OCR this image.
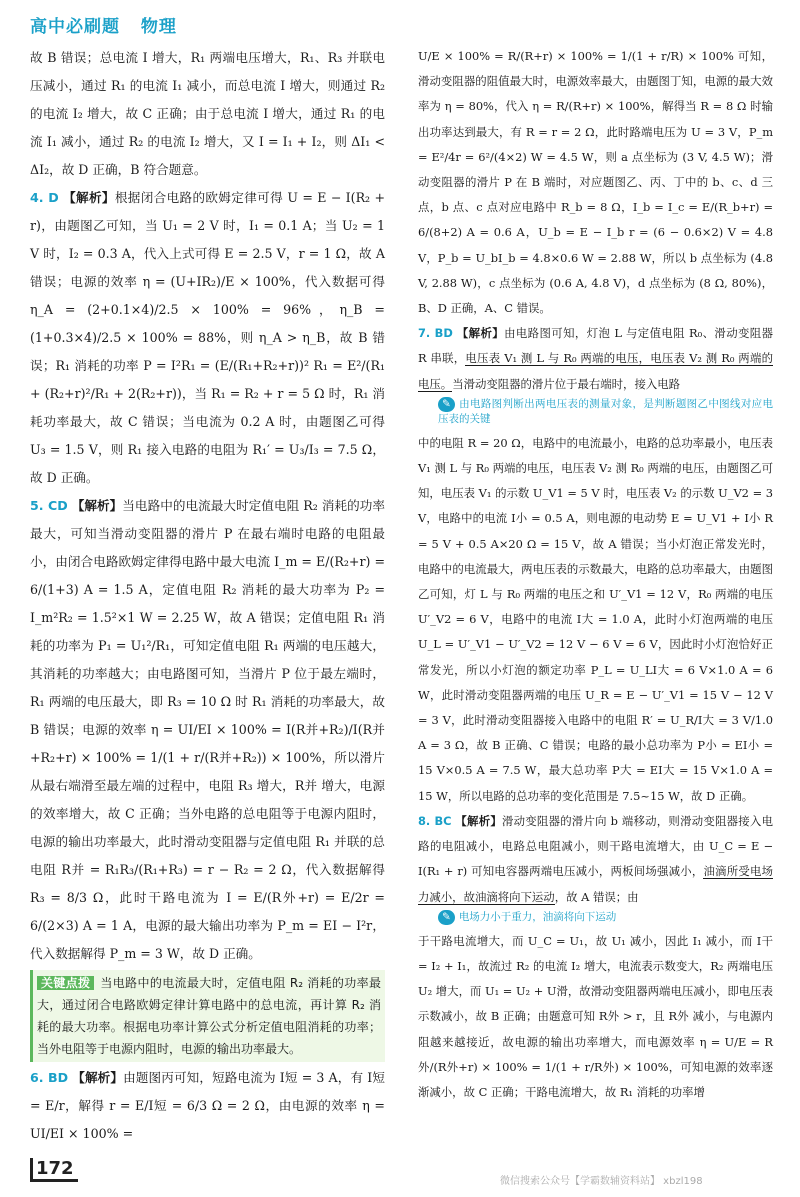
高中必刷题 物理

故 B 错误；总电流 I 增大，R₁ 两端电压增大，R₁、R₃ 并联电压减小，通过 R₁ 的电流 I₁ 减小，而总电流 I 增大，则通过 R₂ 的电流 I₂ 增大，故 C 正确；由于总电流 I 增大，通过 R₁ 的电流 I₁ 减小，通过 R₂ 的电流 I₂ 增大，又 I = I₁ + I₂，则 ΔI₁ < ΔI₂，故 D 正确，B 符合题意。

4. D 【解析】根据闭合电路的欧姆定律可得 U = E − I(R₂ + r)，由题图乙可知，当 U₁ = 2 V 时，I₁ = 0.1 A；当 U₂ = 1 V 时，I₂ = 0.3 A，代入上式可得 E = 2.5 V，r = 1 Ω，故 A 错误；电源的效率 η = (U+IR₂)/E × 100%，代入数据可得 η_A = (2+0.1×4)/2.5 × 100% = 96%，η_B = (1+0.3×4)/2.5 × 100% = 88%，则 η_A > η_B，故 B 错误；R₁ 消耗的功率 P = I²R₁ = (E/(R₁+R₂+r))² R₁ = E²/(R₁ + (R₂+r)²/R₁ + 2(R₂+r))，当 R₁ = R₂ + r = 5 Ω 时，R₁ 消耗功率最大，故 C 错误；当电流为 0.2 A 时，由题图乙可得 U₃ = 1.5 V，则 R₁ 接入电路的电阻为 R₁′ = U₃/I₃ = 7.5 Ω，故 D 正确。

5. CD 【解析】当电路中的电流最大时定值电阻 R₂ 消耗的功率最大，可知当滑动变阻器的滑片 P 在最右端时电路的电阻最小，由闭合电路欧姆定律得电路中最大电流 I_m = E/(R₂+r) = 6/(1+3) A = 1.5 A，定值电阻 R₂ 消耗的最大功率为 P₂ = I_m²R₂ = 1.5²×1 W = 2.25 W，故 A 错误；定值电阻 R₁ 消耗的功率为 P₁ = U₁²/R₁，可知定值电阻 R₁ 两端的电压越大，其消耗的功率越大；由电路图可知，当滑片 P 位于最左端时，R₁ 两端的电压最大，即 R₃ = 10 Ω 时 R₁ 消耗的功率最大，故 B 错误；电源的效率 η = UI/EI × 100% = I(R并+R₂)/I(R并+R₂+r) × 100% = 1/(1 + r/(R并+R₂)) × 100%，所以滑片从最右端滑至最左端的过程中，电阻 R₃ 增大，R并 增大，电源的效率增大，故 C 正确；当外电路的总电阻等于电源内阻时，电源的输出功率最大，此时滑动变阻器与定值电阻 R₁ 并联的总电阻 R并 = R₁R₃/(R₁+R₃) = r − R₂ = 2 Ω，代入数据解得 R₃ = 8/3 Ω，此时干路电流为 I = E/(R外+r) = E/2r = 6/(2×3) A = 1 A，电源的最大输出功率为 P_m = EI − I²r，代入数据解得 P_m = 3 W，故 D 正确。

关键点拨 当电路中的电流最大时，定值电阻 R₂ 消耗的功率最大，通过闭合电路欧姆定律计算电路中的总电流，再计算 R₂ 消耗的最大功率。根据电功率计算公式分析定值电阻消耗的功率；当外电阻等于电源内阻时，电源的输出功率最大。

6. BD 【解析】由题图丙可知，短路电流为 I短 = 3 A，有 I短 = E/r，解得 r = E/I短 = 6/3 Ω = 2 Ω，由电源的效率 η = UI/EI × 100% =

U/E × 100% = R/(R+r) × 100% = 1/(1 + r/R) × 100% 可知，滑动变阻器的阻值最大时，电源效率最大，由题图丁知，电源的最大效率为 η = 80%，代入 η = R/(R+r) × 100%，解得当 R = 8 Ω 时输出功率达到最大，有 R = r = 2 Ω，此时路端电压为 U = 3 V，P_m = E²/4r = 6²/(4×2) W = 4.5 W，则 a 点坐标为 (3 V, 4.5 W)；滑动变阻器的滑片 P 在 B 端时，对应题图乙、丙、丁中的 b、c、d 三点，b 点、c 点对应电路中 R_b = 8 Ω，I_b = I_c = E/(R_b+r) = 6/(8+2) A = 0.6 A，U_b = E − I_b r = (6 − 0.6×2) V = 4.8 V，P_b = U_bI_b = 4.8×0.6 W = 2.88 W，所以 b 点坐标为 (4.8 V, 2.88 W)，c 点坐标为 (0.6 A, 4.8 V)，d 点坐标为 (8 Ω, 80%)，B、D 正确，A、C 错误。

7. BD 【解析】由电路图可知，灯泡 L 与定值电阻 R₀、滑动变阻器 R 串联，电压表 V₁ 测 L 与 R₀ 两端的电压，电压表 V₂ 测 R₀ 两端的电压。当滑动变阻器的滑片位于最右端时，接入电路

✎ 由电路图判断出两电压表的测量对象，是判断题图乙中图线对应电压表的关键

中的电阻 R = 20 Ω，电路中的电流最小，电路的总功率最小，电压表 V₁ 测 L 与 R₀ 两端的电压，电压表 V₂ 测 R₀ 两端的电压，由题图乙可知，电压表 V₁ 的示数 U_V1 = 5 V 时，电压表 V₂ 的示数 U_V2 = 3 V，电路中的电流 I小 = 0.5 A，则电源的电动势 E = U_V1 + I小 R = 5 V + 0.5 A×20 Ω = 15 V，故 A 错误；当小灯泡正常发光时，电路中的电流最大，两电压表的示数最大，电路的总功率最大，由题图乙可知，灯 L 与 R₀ 两端的电压之和 U′_V1 = 12 V，R₀ 两端的电压 U′_V2 = 6 V，电路中的电流 I大 = 1.0 A，此时小灯泡两端的电压 U_L = U′_V1 − U′_V2 = 12 V − 6 V = 6 V，因此时小灯泡恰好正常发光，所以小灯泡的额定功率 P_L = U_LI大 = 6 V×1.0 A = 6 W，此时滑动变阻器两端的电压 U_R = E − U′_V1 = 15 V − 12 V = 3 V，此时滑动变阻器接入电路中的电阻 R′ = U_R/I大 = 3 V/1.0 A = 3 Ω，故 B 正确、C 错误；电路的最小总功率为 P小 = EI小 = 15 V×0.5 A = 7.5 W，最大总功率 P大 = EI大 = 15 V×1.0 A = 15 W，所以电路的总功率的变化范围是 7.5~15 W，故 D 正确。

8. BC 【解析】滑动变阻器的滑片向 b 端移动，则滑动变阻器接入电路的电阻减小，电路总电阻减小，则干路电流增大，由 U_C = E − I(R₁ + r) 可知电容器两端电压减小，两板间场强减小，油滴所受电场力减小，故油滴将向下运动，故 A 错误；由

✎ 电场力小于重力，油滴将向下运动

于干路电流增大，而 U_C = U₁，故 U₁ 减小，因此 I₁ 减小，而 I干 = I₂ + I₁，故流过 R₂ 的电流 I₂ 增大，电流表示数变大，R₂ 两端电压 U₂ 增大，而 U₁ = U₂ + U滑，故滑动变阻器两端电压减小，即电压表示数减小，故 B 正确；由题意可知 R外 > r，且 R外 减小，与电源内阻越来越接近，故电源的输出功率增大，而电源效率 η = U/E = R外/(R外+r) × 100% = 1/(1 + r/R外) × 100%，可知电源的效率逐渐减小，故 C 正确；干路电流增大，故 R₁ 消耗的功率增

172
微信搜索公众号【学霸数辅资料站】 xbzl198
